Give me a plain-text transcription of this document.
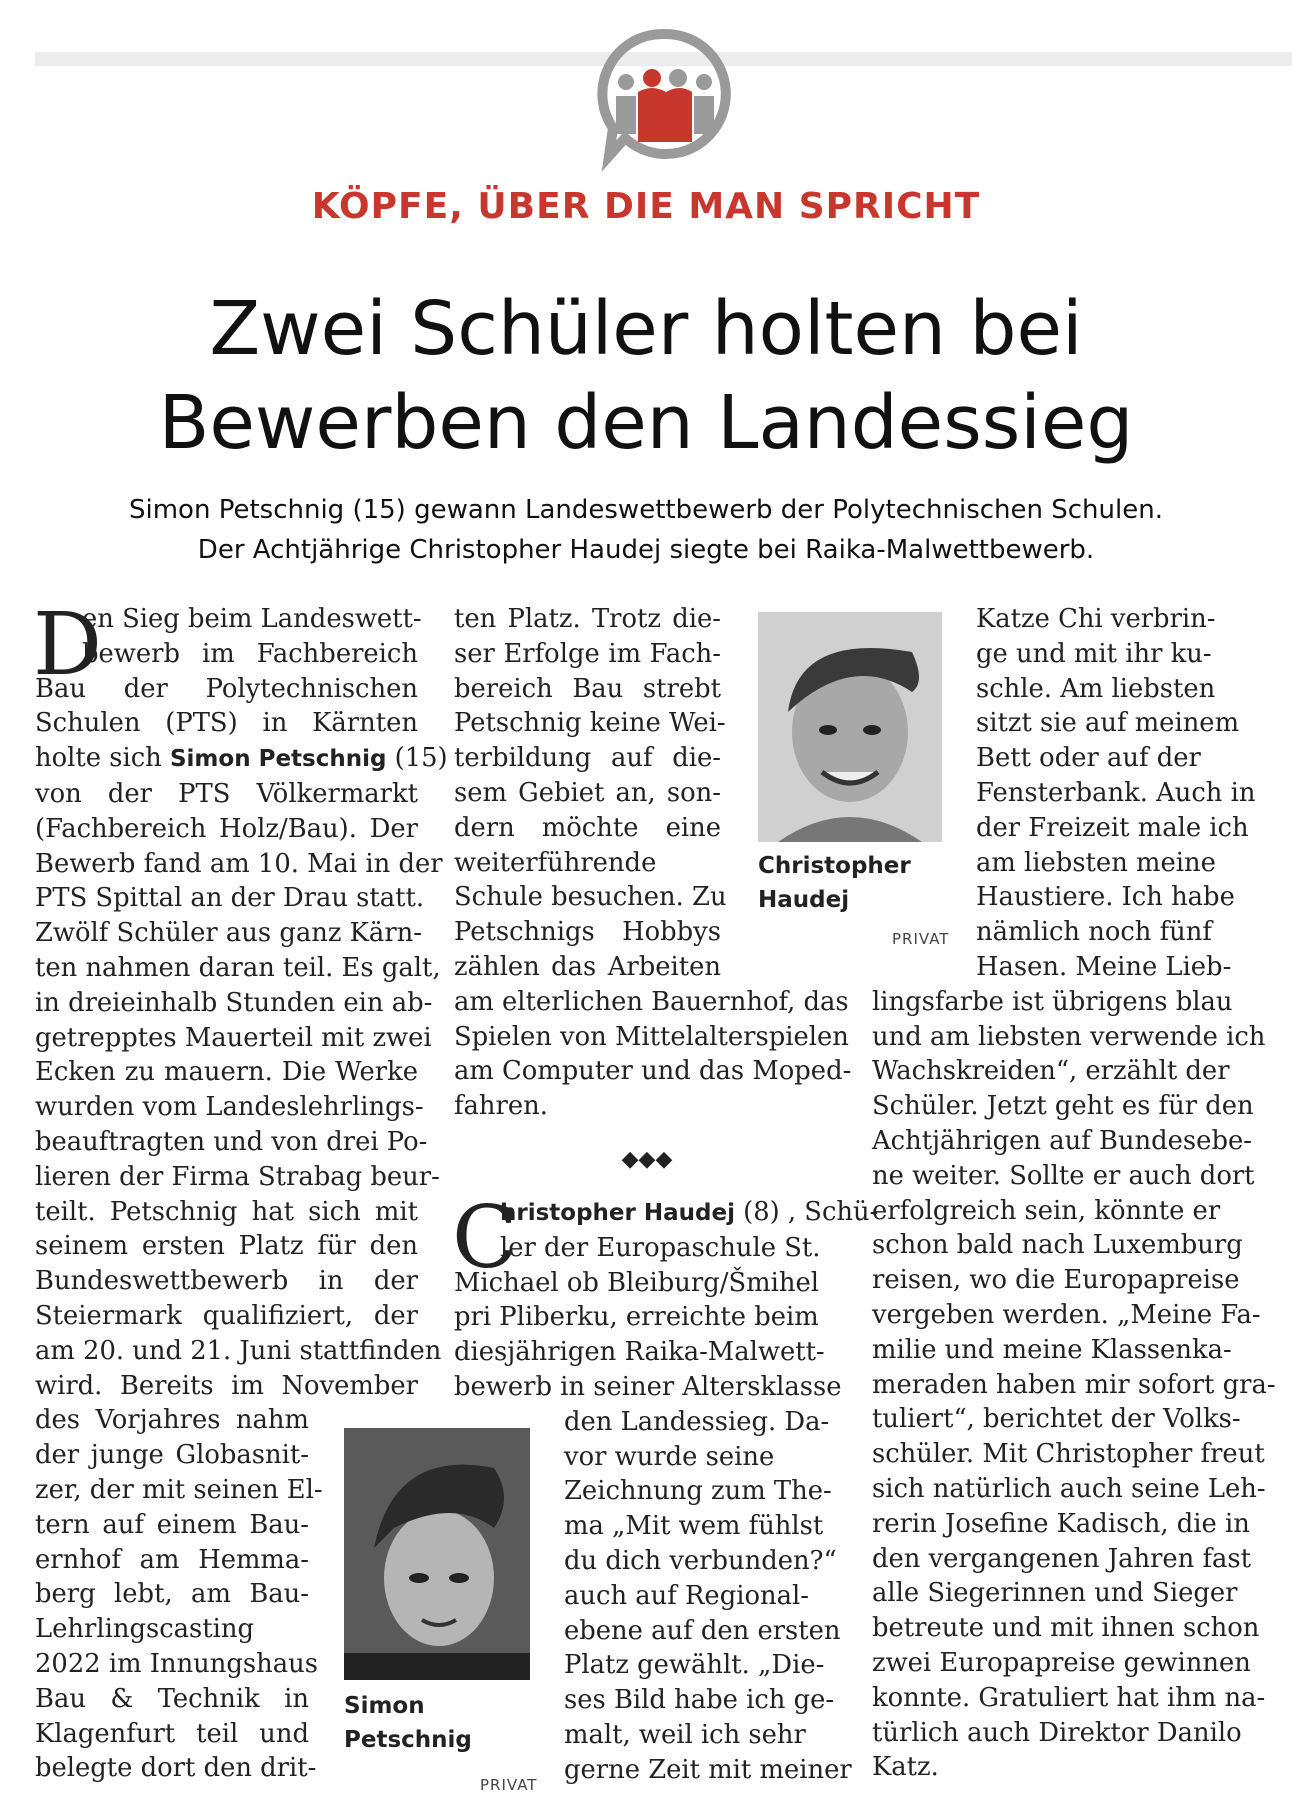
KÖPFE, ÜBER DIE MAN SPRICHT
Zwei Schüler holten bei
Bewerben den Landessieg
Simon Petschnig (15) gewann Landeswettbewerb der Polytechnischen Schulen.
Der Achtjährige Christopher Haudej siegte bei Raika-Malwettbewerb.
D
en Sieg beim Landeswett-
bewerb im Fachbereich
Bau der Polytechnischen
Schulen (PTS) in Kärnten
holte sich Simon Petschnig (15)
von der PTS Völkermarkt
(Fachbereich Holz/Bau). Der
Bewerb fand am 10. Mai in der
PTS Spittal an der Drau statt.
Zwölf Schüler aus ganz Kärn-
ten nahmen daran teil. Es galt,
in dreieinhalb Stunden ein ab-
getrepptes Mauerteil mit zwei
Ecken zu mauern. Die Werke
wurden vom Landeslehrlings-
beauftragten und von drei Po-
lieren der Firma Strabag beur-
teilt. Petschnig hat sich mit
seinem ersten Platz für den
Bundeswettbewerb in der
Steiermark qualifiziert, der
am 20. und 21. Juni stattfinden
wird. Bereits im November
des Vorjahres nahm
der junge Globasnit-
zer, der mit seinen El-
tern auf einem Bau-
ernhof am Hemma-
berg lebt, am Bau-
Lehrlingscasting
2022 im Innungshaus
Bau & Technik in
Klagenfurt teil und
belegte dort den drit-
Simon
Petschnig
PRIVAT
ten Platz. Trotz die-
ser Erfolge im Fach-
bereich Bau strebt
Petschnig keine Wei-
terbildung auf die-
sem Gebiet an, son-
dern möchte eine
weiterführende
Schule besuchen. Zu
Petschnigs Hobbys
zählen das Arbeiten
am elterlichen Bauernhof, das
Spielen von Mittelalterspielen
am Computer und das Moped-
fahren.
◆◆◆
C
hristopher Haudej (8) , Schü-
ler der Europaschule St.
Michael ob Bleiburg/Šmihel
pri Pliberku, erreichte beim
diesjährigen Raika-Malwett-
bewerb in seiner Altersklasse
den Landessieg. Da-
vor wurde seine
Zeichnung zum The-
ma „Mit wem fühlst
du dich verbunden?“
auch auf Regional-
ebene auf den ersten
Platz gewählt. „Die-
ses Bild habe ich ge-
malt, weil ich sehr
gerne Zeit mit meiner
Christopher
Haudej
PRIVAT
Katze Chi verbrin-
ge und mit ihr ku-
schle. Am liebsten
sitzt sie auf meinem
Bett oder auf der
Fensterbank. Auch in
der Freizeit male ich
am liebsten meine
Haustiere. Ich habe
nämlich noch fünf
Hasen. Meine Lieb-
lingsfarbe ist übrigens blau
und am liebsten verwende ich
Wachskreiden“, erzählt der
Schüler. Jetzt geht es für den
Achtjährigen auf Bundesebe-
ne weiter. Sollte er auch dort
erfolgreich sein, könnte er
schon bald nach Luxemburg
reisen, wo die Europapreise
vergeben werden. „Meine Fa-
milie und meine Klassenka-
meraden haben mir sofort gra-
tuliert“, berichtet der Volks-
schüler. Mit Christopher freut
sich natürlich auch seine Leh-
rerin Josefine Kadisch, die in
den vergangenen Jahren fast
alle Siegerinnen und Sieger
betreute und mit ihnen schon
zwei Europapreise gewinnen
konnte. Gratuliert hat ihm na-
türlich auch Direktor Danilo
Katz.
